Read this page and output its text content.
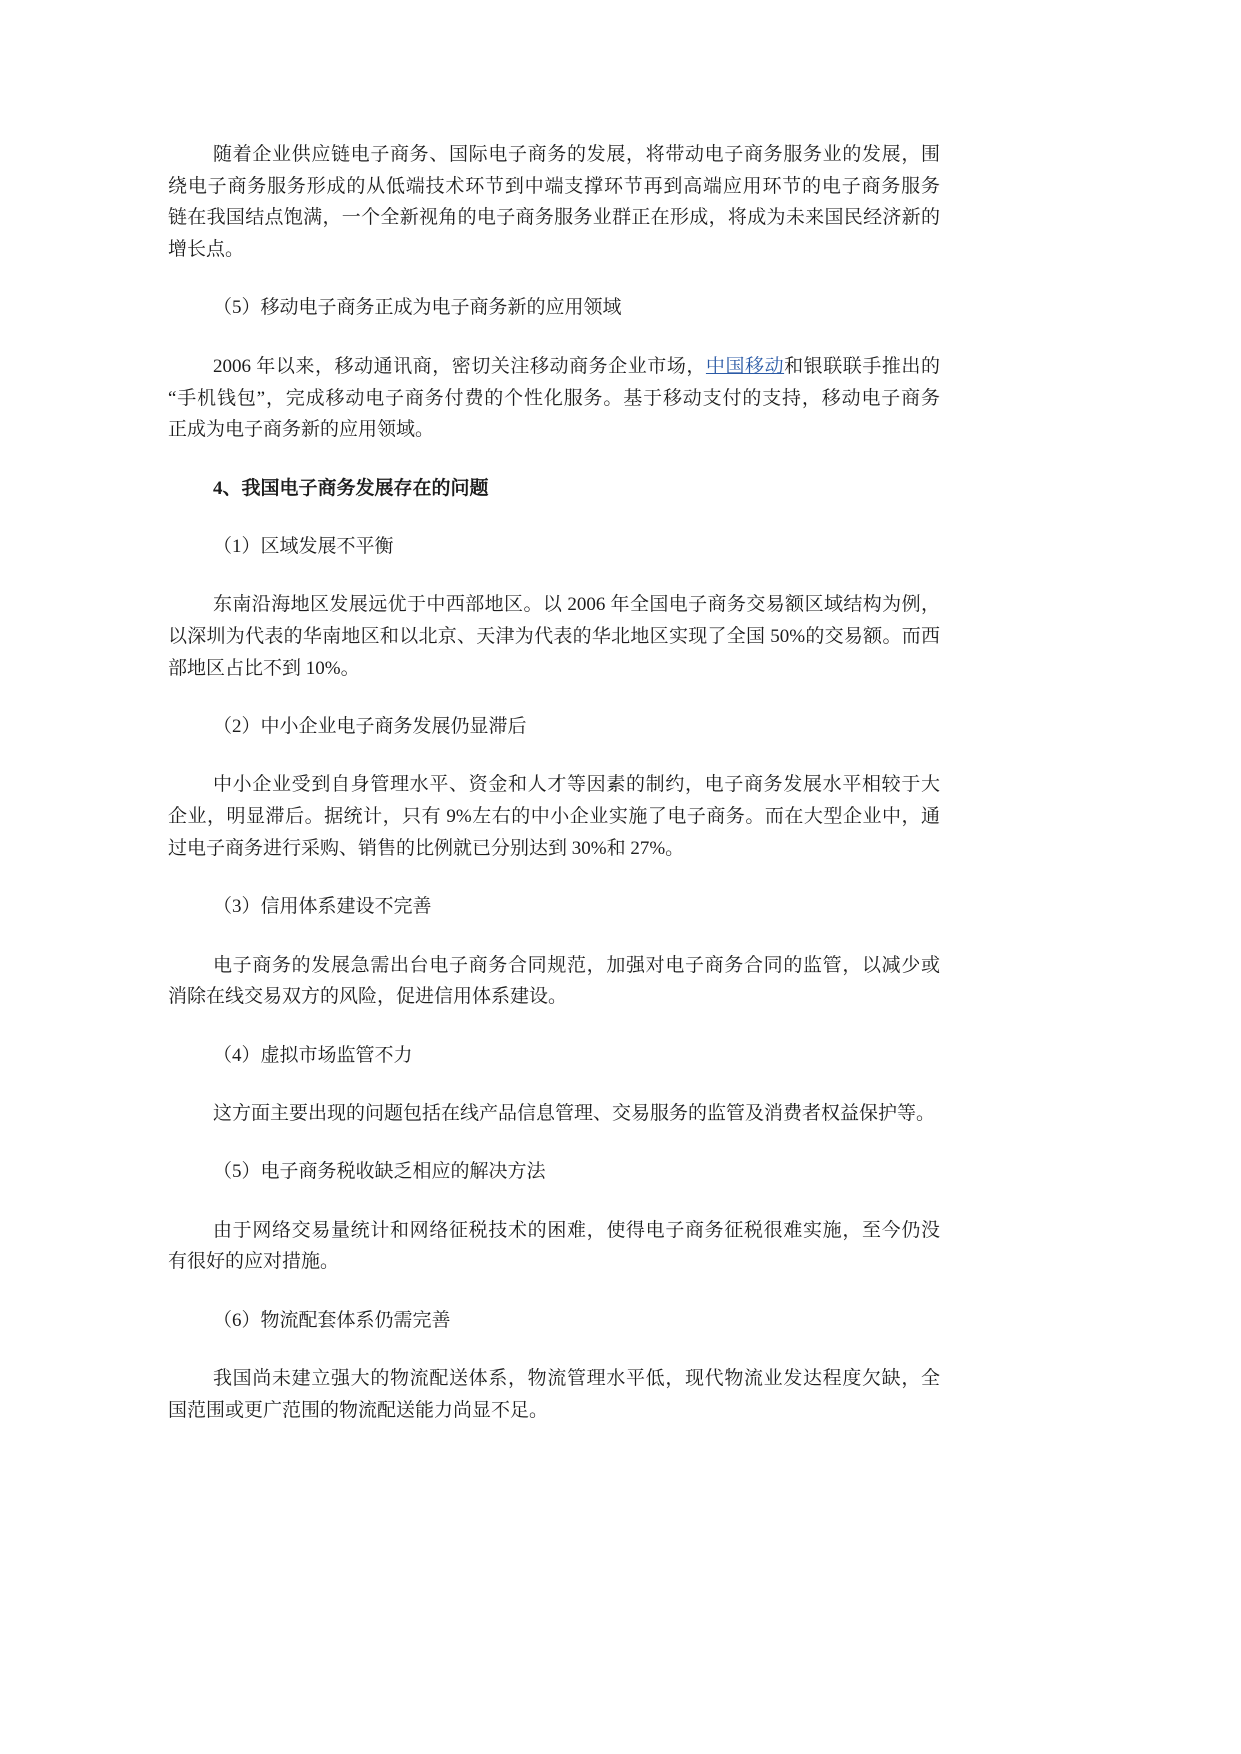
随着企业供应链电子商务、国际电子商务的发展，将带动电子商务服务业的发展，围
绕电子商务服务形成的从低端技术环节到中端支撑环节再到高端应用环节的电子商务服务
链在我国结点饱满，一个全新视角的电子商务服务业群正在形成，将成为未来国民经济新的
增长点。
（5）移动电子商务正成为电子商务新的应用领域
2006 年以来，移动通讯商，密切关注移动商务企业市场，中国移动和银联联手推出的
“手机钱包”，完成移动电子商务付费的个性化服务。基于移动支付的支持，移动电子商务
正成为电子商务新的应用领域。
4、我国电子商务发展存在的问题
（1）区域发展不平衡
东南沿海地区发展远优于中西部地区。以 2006 年全国电子商务交易额区域结构为例，
以深圳为代表的华南地区和以北京、天津为代表的华北地区实现了全国 50%的交易额。而西
部地区占比不到 10%。
（2）中小企业电子商务发展仍显滞后
中小企业受到自身管理水平、资金和人才等因素的制约，电子商务发展水平相较于大
企业，明显滞后。据统计，只有 9%左右的中小企业实施了电子商务。而在大型企业中，通
过电子商务进行采购、销售的比例就已分别达到 30%和 27%。
（3）信用体系建设不完善
电子商务的发展急需出台电子商务合同规范，加强对电子商务合同的监管，以减少或
消除在线交易双方的风险，促进信用体系建设。
（4）虚拟市场监管不力
这方面主要出现的问题包括在线产品信息管理、交易服务的监管及消费者权益保护等。
（5）电子商务税收缺乏相应的解决方法
由于网络交易量统计和网络征税技术的困难，使得电子商务征税很难实施，至今仍没
有很好的应对措施。
（6）物流配套体系仍需完善
我国尚未建立强大的物流配送体系，物流管理水平低，现代物流业发达程度欠缺，全
国范围或更广范围的物流配送能力尚显不足。
